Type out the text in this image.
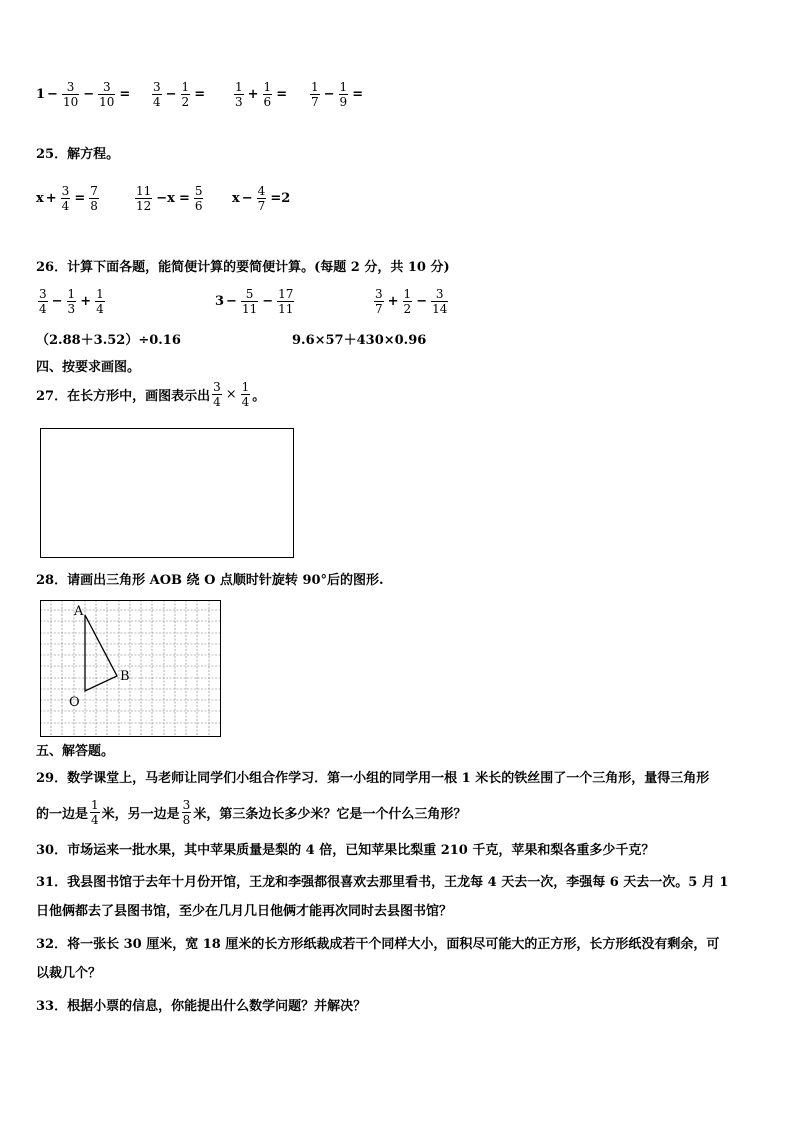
$1 - \frac{3}{10} - \frac{3}{10} = \frac{3}{4} - \frac{1}{2} = \frac{1}{3} + \frac{1}{6} = \frac{1}{7} - \frac{1}{9}$ =
25．解方程。
$x + \frac{3}{4} = \frac{7}{8}$	$\frac{11}{12} -x = \frac{5}{6}$ $x - \frac{4}{7} =2$
26．计算下面各题，能简便计算的要简便计算。(每题 2 分，共 10 分)
$\frac{3}{4} - \frac{1}{3} + \frac{1}{4}$	$3 - \frac{5}{11} - \frac{17}{11}$	$\frac{3}{7} + \frac{1}{2} - \frac{3}{14}$
（2.88＋3.52）÷0.16	9.6×57＋430×0.96
四、按要求画图。
27．在长方形中，画图表示出 $\frac{3}{4} \times \frac{1}{4}$ 。
28．请画出三角形 AOB 绕 O 点顺时针旋转 90°后的图形.
A
B
O
五、解答题。
29．数学课堂上，马老师让同学们小组合作学习．第一小组的同学用一根 1 米长的铁丝围了一个三角形，量得三角形
的一边是 $\frac{1}{4}$ 米，另一边是 $\frac{3}{8}$ 米，第三条边长多少米？它是一个什么三角形？
30．市场运来一批水果，其中苹果质量是梨的 4 倍，已知苹果比梨重 210 千克，苹果和梨各重多少千克？
31．我县图书馆于去年十月份开馆，王龙和李强都很喜欢去那里看书，王龙每 4 天去一次，李强每 6 天去一次。5 月 1
日他俩都去了县图书馆，至少在几月几日他俩才能再次同时去县图书馆？
32．将一张长 30 厘米，宽 18 厘米的长方形纸裁成若干个同样大小，面积尽可能大的正方形，长方形纸没有剩余，可
以裁几个？
33．根据小票的信息，你能提出什么数学问题？并解决？
